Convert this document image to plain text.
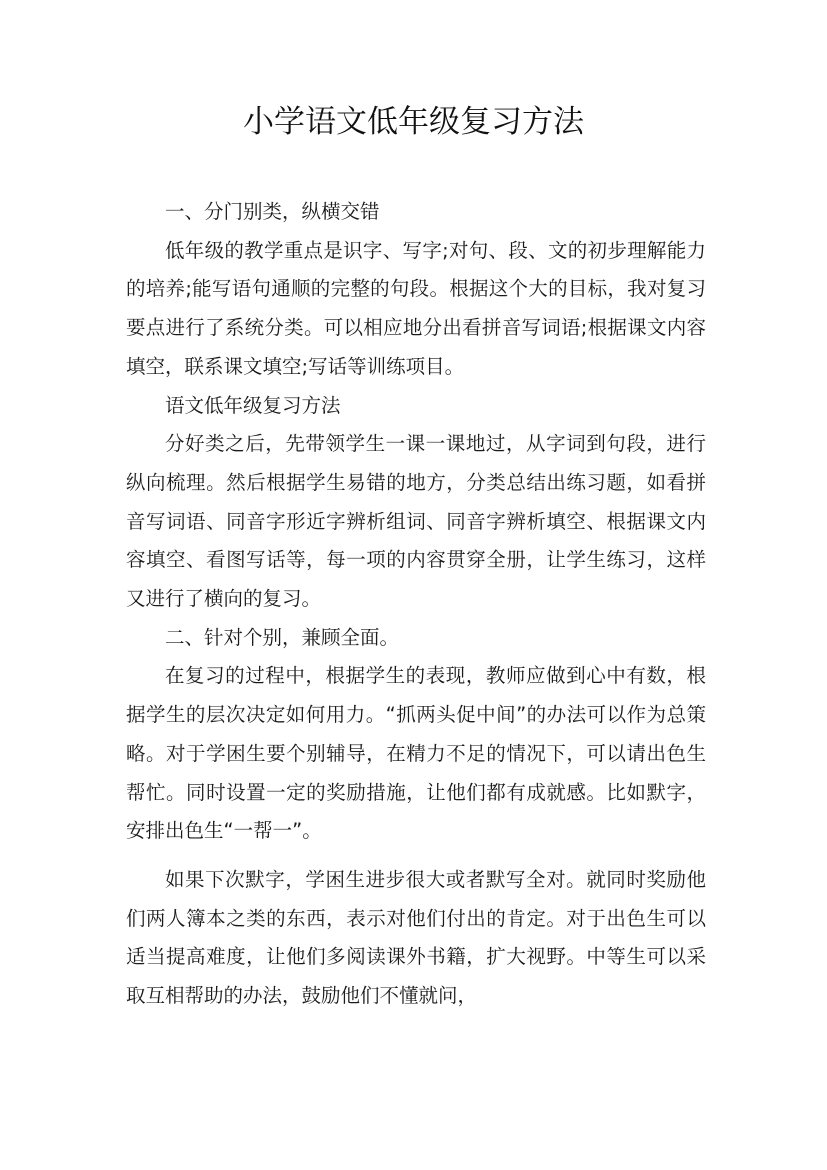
小学语文低年级复习方法

一、分门别类，纵横交错

低年级的教学重点是识字、写字;对句、段、文的初步理解能力的培养;能写语句通顺的完整的句段。根据这个大的目标，我对复习要点进行了系统分类。可以相应地分出看拼音写词语;根据课文内容填空，联系课文填空;写话等训练项目。

语文低年级复习方法

分好类之后，先带领学生一课一课地过，从字词到句段，进行纵向梳理。然后根据学生易错的地方，分类总结出练习题，如看拼音写词语、同音字形近字辨析组词、同音字辨析填空、根据课文内容填空、看图写话等，每一项的内容贯穿全册，让学生练习，这样又进行了横向的复习。

二、针对个别，兼顾全面。

在复习的过程中，根据学生的表现，教师应做到心中有数，根据学生的层次决定如何用力。“抓两头促中间”的办法可以作为总策略。对于学困生要个别辅导，在精力不足的情况下，可以请出色生帮忙。同时设置一定的奖励措施，让他们都有成就感。比如默字，安排出色生“一帮一”。

如果下次默字，学困生进步很大或者默写全对。就同时奖励他们两人簿本之类的东西，表示对他们付出的肯定。对于出色生可以适当提高难度，让他们多阅读课外书籍，扩大视野。中等生可以采取互相帮助的办法，鼓励他们不懂就问，
